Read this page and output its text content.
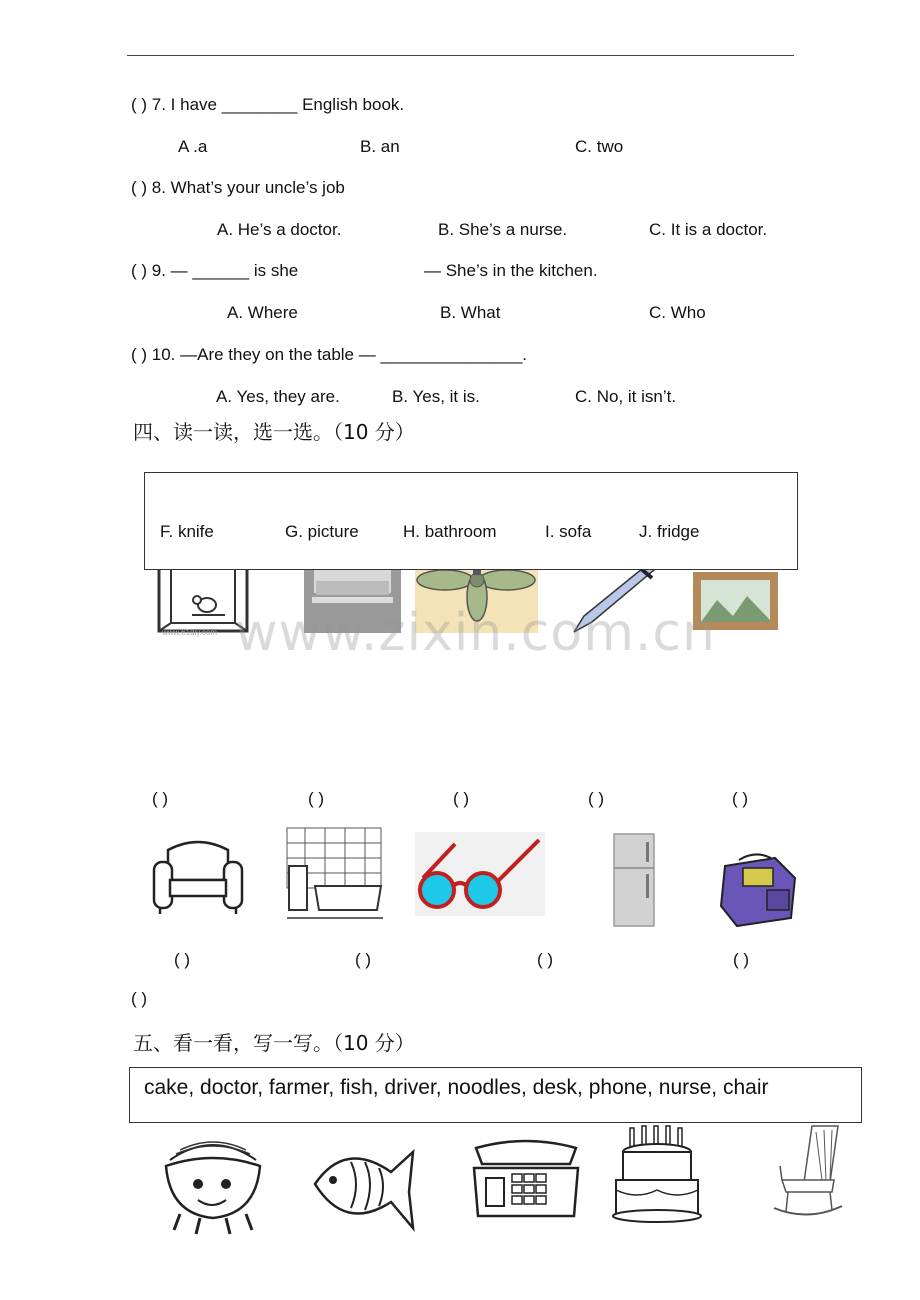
( ) 7. I have ________ English book.
A .a	B. an	C. two
( ) 8. What’s your uncle’s job
A. He’s a doctor.	B. She’s a nurse.	C. It is a doctor.
( ) 9. — ______ is she	— She’s in the kitchen.
A. Where	B. What	C. Who
( ) 10. —Are they on the table — _______________.
A. Yes, they are.	B. Yes, it is.	C. No, it isn’t.
四、读一读，选一选。（10 分）
www.61diy.com
F. knife	G. picture	H. bathroom	I. sofa	J. fridge
www.zixin.com.cn
( )	( )	( )	( )	( )
( )	( )	( )	( )
( )
五、看一看，写一写。（10 分）
cake, doctor, farmer, fish, driver, noodles, desk, phone, nurse, chair
